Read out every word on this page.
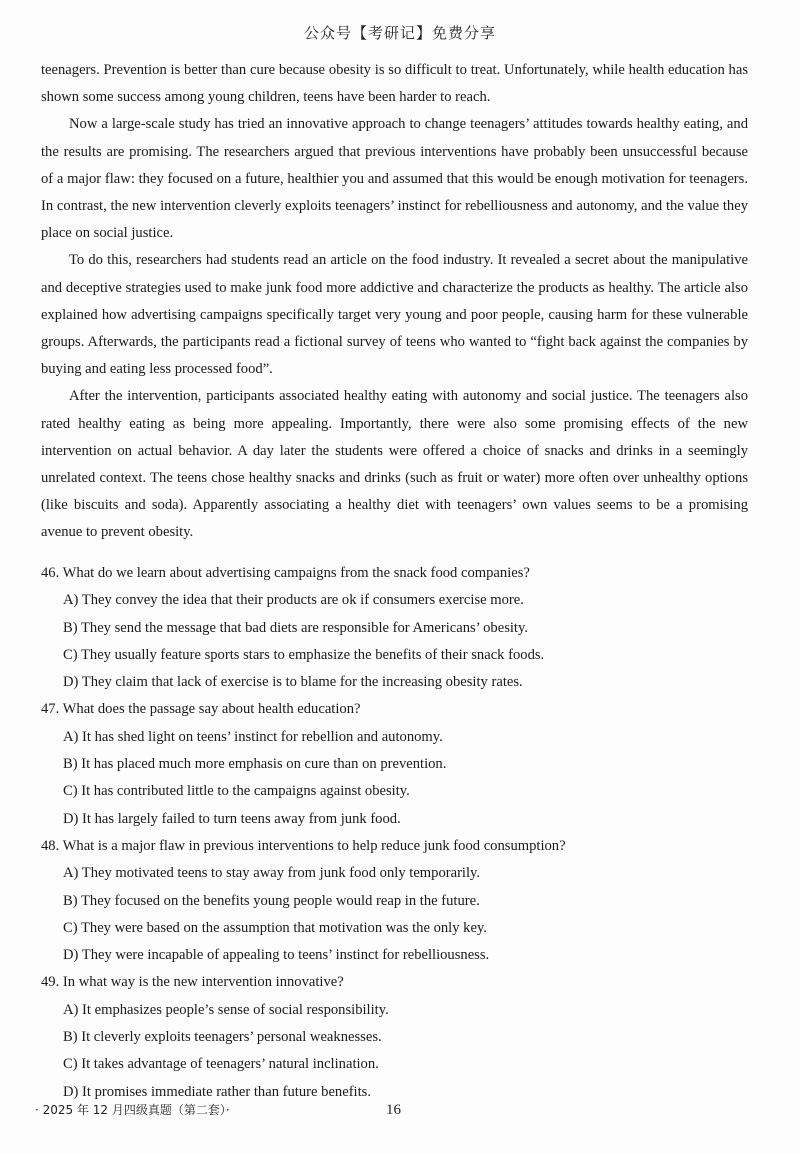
公众号【考研记】免费分享

teenagers. Prevention is better than cure because obesity is so difficult to treat. Unfortunately, while health education has shown some success among young children, teens have been harder to reach.

Now a large-scale study has tried an innovative approach to change teenagers’ attitudes towards healthy eating, and the results are promising. The researchers argued that previous interventions have probably been unsuccessful because of a major flaw: they focused on a future, healthier you and assumed that this would be enough motivation for teenagers. In contrast, the new intervention cleverly exploits teenagers’ instinct for rebelliousness and autonomy, and the value they place on social justice.

To do this, researchers had students read an article on the food industry. It revealed a secret about the manipulative and deceptive strategies used to make junk food more addictive and characterize the products as healthy. The article also explained how advertising campaigns specifically target very young and poor people, causing harm for these vulnerable groups. Afterwards, the participants read a fictional survey of teens who wanted to “fight back against the companies by buying and eating less processed food”.

After the intervention, participants associated healthy eating with autonomy and social justice. The teenagers also rated healthy eating as being more appealing. Importantly, there were also some promising effects of the new intervention on actual behavior. A day later the students were offered a choice of snacks and drinks in a seemingly unrelated context. The teens chose healthy snacks and drinks (such as fruit or water) more often over unhealthy options (like biscuits and soda). Apparently associating a healthy diet with teenagers’ own values seems to be a promising avenue to prevent obesity.

46. What do we learn about advertising campaigns from the snack food companies?

A) They convey the idea that their products are ok if consumers exercise more.

B) They send the message that bad diets are responsible for Americans’ obesity.

C) They usually feature sports stars to emphasize the benefits of their snack foods.

D) They claim that lack of exercise is to blame for the increasing obesity rates.

47. What does the passage say about health education?

A) It has shed light on teens’ instinct for rebellion and autonomy.

B) It has placed much more emphasis on cure than on prevention.

C) It has contributed little to the campaigns against obesity.

D) It has largely failed to turn teens away from junk food.

48. What is a major flaw in previous interventions to help reduce junk food consumption?

A) They motivated teens to stay away from junk food only temporarily.

B) They focused on the benefits young people would reap in the future.

C) They were based on the assumption that motivation was the only key.

D) They were incapable of appealing to teens’ instinct for rebelliousness.

49. In what way is the new intervention innovative?

A) It emphasizes people’s sense of social responsibility.

B) It cleverly exploits teenagers’ personal weaknesses.

C) It takes advantage of teenagers’ natural inclination.

D) It promises immediate rather than future benefits.

· 2025 年 12 月四级真题（第二套）·	16
